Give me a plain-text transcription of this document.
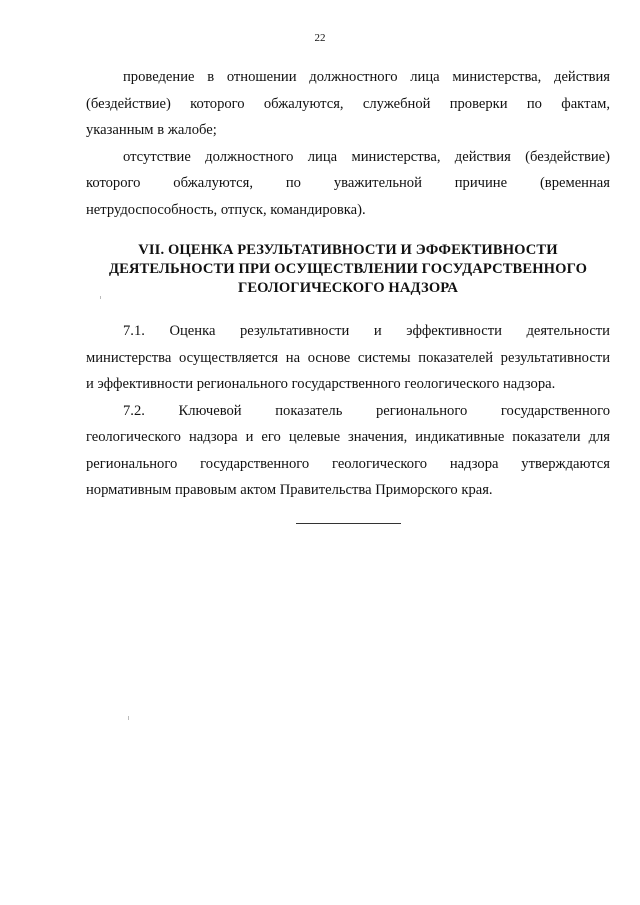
22

проведение в отношении должностного лица министерства, действия
(бездействие) которого обжалуются, служебной проверки по фактам,
указанным в жалобе;

отсутствие должностного лица министерства, действия (бездействие)
которого обжалуются, по уважительной причине (временная
нетрудоспособность, отпуск, командировка).

VII. ОЦЕНКА РЕЗУЛЬТАТИВНОСТИ И ЭФФЕКТИВНОСТИ
ДЕЯТЕЛЬНОСТИ ПРИ ОСУЩЕСТВЛЕНИИ ГОСУДАРСТВЕННОГО
ГЕОЛОГИЧЕСКОГО НАДЗОРА

7.1. Оценка результативности и эффективности деятельности
министерства осуществляется на основе системы показателей результативности
и эффективности регионального государственного геологического надзора.

7.2. Ключевой показатель регионального государственного
геологического надзора и его целевые значения, индикативные показатели для
регионального государственного геологического надзора утверждаются
нормативным правовым актом Правительства Приморского края.
